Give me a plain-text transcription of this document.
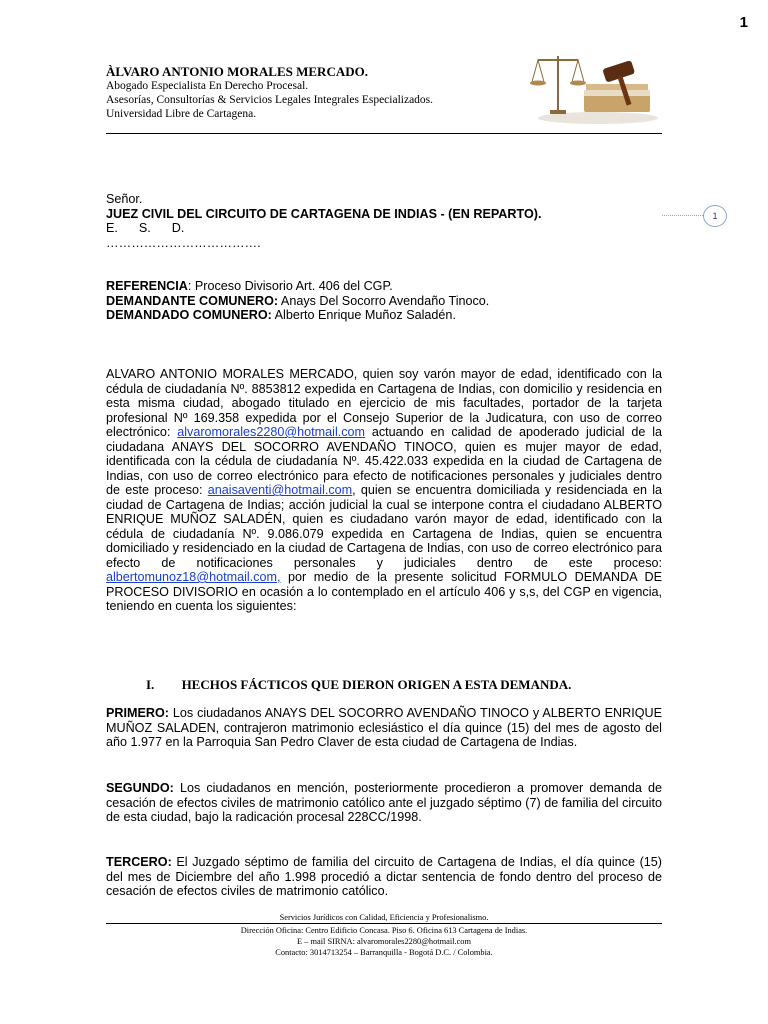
1
ÀLVARO ANTONIO MORALES MERCADO.
Abogado Especialista En Derecho Procesal.
Asesorías, Consultorías & Servicios Legales Integrales Especializados.
Universidad Libre de Cartagena.
1
Señor.
JUEZ CIVIL DEL CIRCUITO DE CARTAGENA DE INDIAS - (EN REPARTO).
E.      S.      D.
……………………………….
REFERENCIA: Proceso Divisorio Art. 406 del CGP.
DEMANDANTE COMUNERO: Anays Del Socorro Avendaño Tinoco.
DEMANDADO COMUNERO: Alberto Enrique Muñoz Saladén.
ALVARO ANTONIO MORALES MERCADO, quien soy varón mayor de edad, identificado con la cédula de ciudadanía Nº. 8853812 expedida en Cartagena de Indias, con domicilio y residencia en esta misma ciudad, abogado titulado en ejercicio de mis facultades, portador de la tarjeta profesional Nº 169.358 expedida por el Consejo Superior de la Judicatura, con uso de correo electrónico: alvaromorales2280@hotmail.com actuando en calidad de apoderado judicial de la ciudadana ANAYS DEL SOCORRO AVENDAÑO TINOCO, quien es mujer mayor de edad, identificada con la cédula de ciudadanía Nº. 45.422.033 expedida en la ciudad de Cartagena de Indias, con uso de correo electrónico para efecto de notificaciones personales y judiciales dentro de este proceso: anaisaventi@hotmail.com, quien se encuentra domiciliada y residenciada en la ciudad de Cartagena de Indias; acción judicial la cual se interpone contra el ciudadano ALBERTO ENRIQUE MUÑOZ SALADÉN, quien es ciudadano varón mayor de edad, identificado con la cédula de ciudadanía Nº. 9.086.079 expedida en Cartagena de Indias, quien se encuentra domiciliado y residenciado en la ciudad de Cartagena de Indias, con uso de correo electrónico para efecto de notificaciones personales y judiciales dentro de este proceso: albertomunoz18@hotmail.com, por medio de la presente solicitud FORMULO DEMANDA DE PROCESO DIVISORIO en ocasión a lo contemplado en el artículo 406 y s,s, del CGP en vigencia, teniendo en cuenta los siguientes:
I. HECHOS FÁCTICOS QUE DIERON ORIGEN A ESTA DEMANDA.
PRIMERO: Los ciudadanos ANAYS DEL SOCORRO AVENDAÑO TINOCO y ALBERTO ENRIQUE MUÑOZ SALADEN, contrajeron matrimonio eclesiástico el día quince (15) del mes de agosto del año 1.977 en la Parroquia San Pedro Claver de esta ciudad de Cartagena de Indias.
SEGUNDO: Los ciudadanos en mención, posteriormente procedieron a promover demanda de cesación de efectos civiles de matrimonio católico ante el juzgado séptimo (7) de familia del circuito de esta ciudad, bajo la radicación procesal 228CC/1998.
TERCERO: El Juzgado séptimo de familia del circuito de Cartagena de Indias, el día quince (15) del mes de Diciembre del año 1.998 procedió a dictar sentencia de fondo dentro del proceso de cesación de efectos civiles de matrimonio católico.
Servicios Jurídicos con Calidad, Eficiencia y Profesionalismo.
Dirección Oficina: Centro Edificio Concasa. Piso 6. Oficina 613 Cartagena de Indias.
E – mail SIRNA: alvaromorales2280@hotmail.com
Contacto: 3014713254 – Barranquilla - Bogotá D.C. / Colombia.
